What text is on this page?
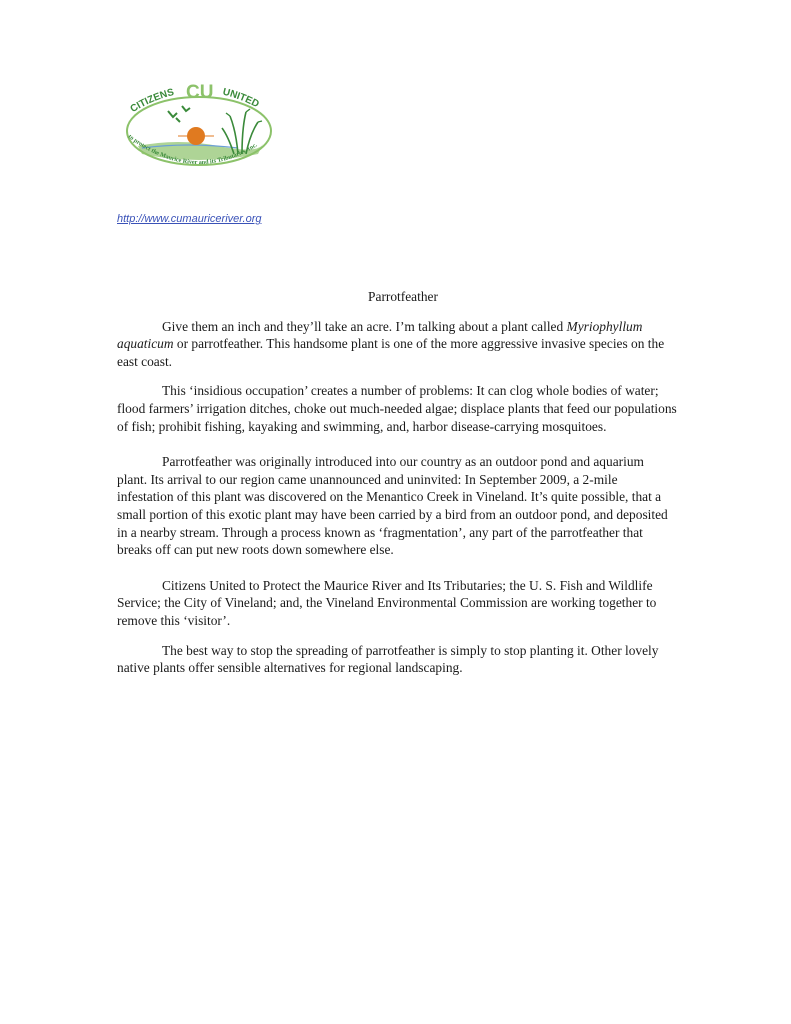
CITIZENS CU UNITED
to protect the Maurice River and its Tributaries, Inc.
http://www.cumauriceriver.org
Parrotfeather

Give them an inch and they’ll take an acre. I’m talking about a plant called Myriophyllum aquaticum or parrotfeather. This handsome plant is one of the more aggressive invasive species on the east coast.

This ‘insidious occupation’ creates a number of problems: It can clog whole bodies of water; flood farmers’ irrigation ditches, choke out much-needed algae; displace plants that feed our populations of fish; prohibit fishing, kayaking and swimming, and, harbor disease-carrying mosquitoes.

Parrotfeather was originally introduced into our country as an outdoor pond and aquarium plant. Its arrival to our region came unannounced and uninvited: In September 2009, a 2-mile infestation of this plant was discovered on the Menantico Creek in Vineland. It’s quite possible, that a small portion of this exotic plant may have been carried by a bird from an outdoor pond, and deposited in a nearby stream. Through a process known as ‘fragmentation’, any part of the parrotfeather that breaks off can put new roots down somewhere else.

Citizens United to Protect the Maurice River and Its Tributaries; the U. S. Fish and Wildlife Service; the City of Vineland; and, the Vineland Environmental Commission are working together to remove this ‘visitor’.

The best way to stop the spreading of parrotfeather is simply to stop planting it. Other lovely native plants offer sensible alternatives for regional landscaping.
